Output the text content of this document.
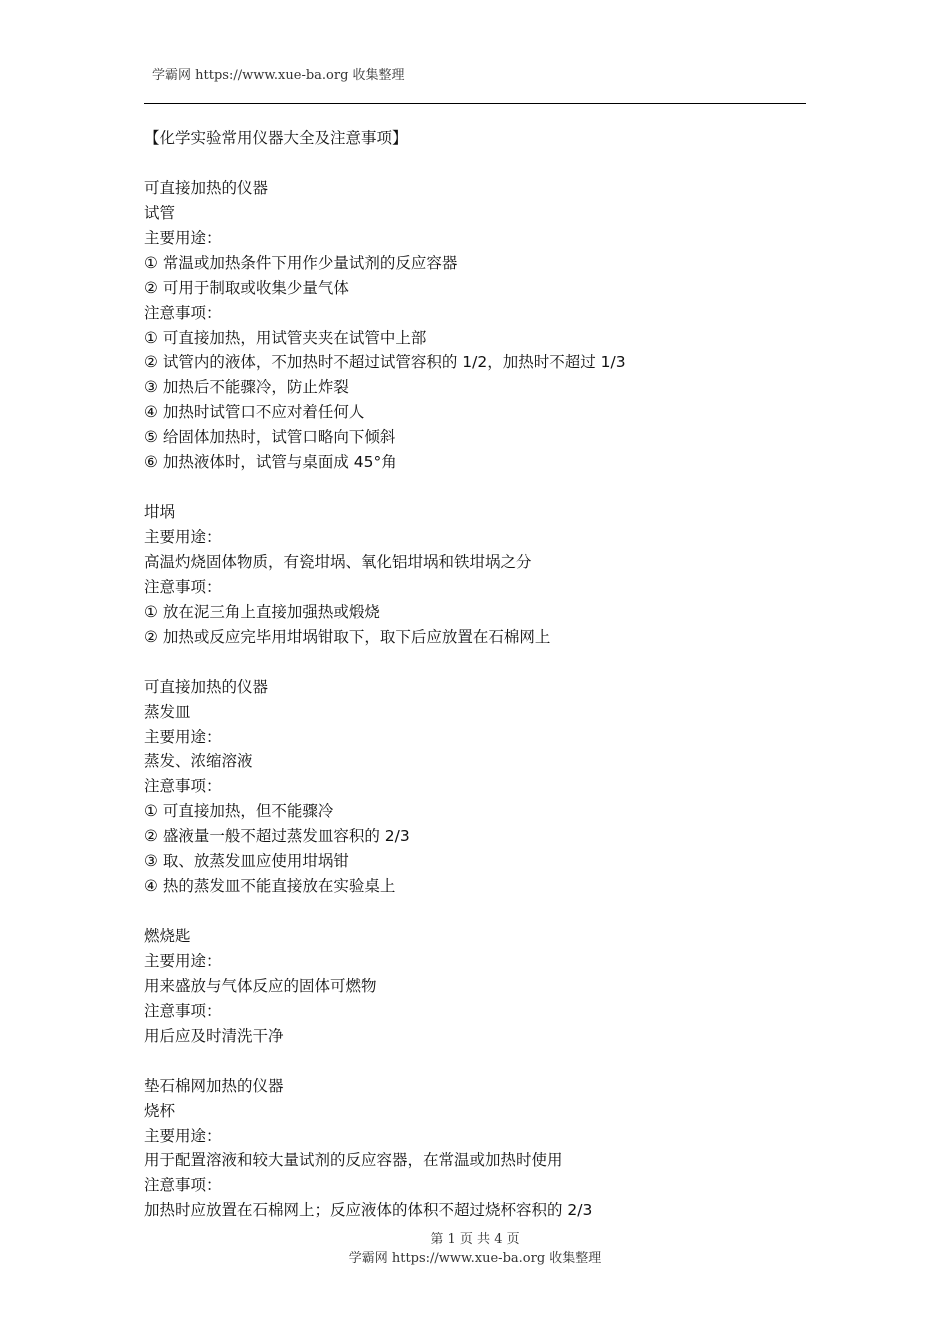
学霸网 https://www.xue-ba.org 收集整理
【化学实验常用仪器大全及注意事项】
可直接加热的仪器
试管
主要用途：
① 常温或加热条件下用作少量试剂的反应容器
② 可用于制取或收集少量气体
注意事项：
① 可直接加热，用试管夹夹在试管中上部
② 试管内的液体，不加热时不超过试管容积的 1/2，加热时不超过 1/3
③ 加热后不能骤冷，防止炸裂
④ 加热时试管口不应对着任何人
⑤ 给固体加热时，试管口略向下倾斜
⑥ 加热液体时，试管与桌面成 45°角
坩埚
主要用途：
高温灼烧固体物质，有瓷坩埚、氧化铝坩埚和铁坩埚之分
注意事项：
① 放在泥三角上直接加强热或煅烧
② 加热或反应完毕用坩埚钳取下，取下后应放置在石棉网上
可直接加热的仪器
蒸发皿
主要用途：
蒸发、浓缩溶液
注意事项：
① 可直接加热，但不能骤冷
② 盛液量一般不超过蒸发皿容积的 2/3
③ 取、放蒸发皿应使用坩埚钳
④ 热的蒸发皿不能直接放在实验桌上
燃烧匙
主要用途：
用来盛放与气体反应的固体可燃物
注意事项：
用后应及时清洗干净
垫石棉网加热的仪器
烧杯
主要用途：
用于配置溶液和较大量试剂的反应容器，在常温或加热时使用
注意事项：
加热时应放置在石棉网上；反应液体的体积不超过烧杯容积的 2/3
第 1 页 共 4 页
学霸网 https://www.xue-ba.org 收集整理
